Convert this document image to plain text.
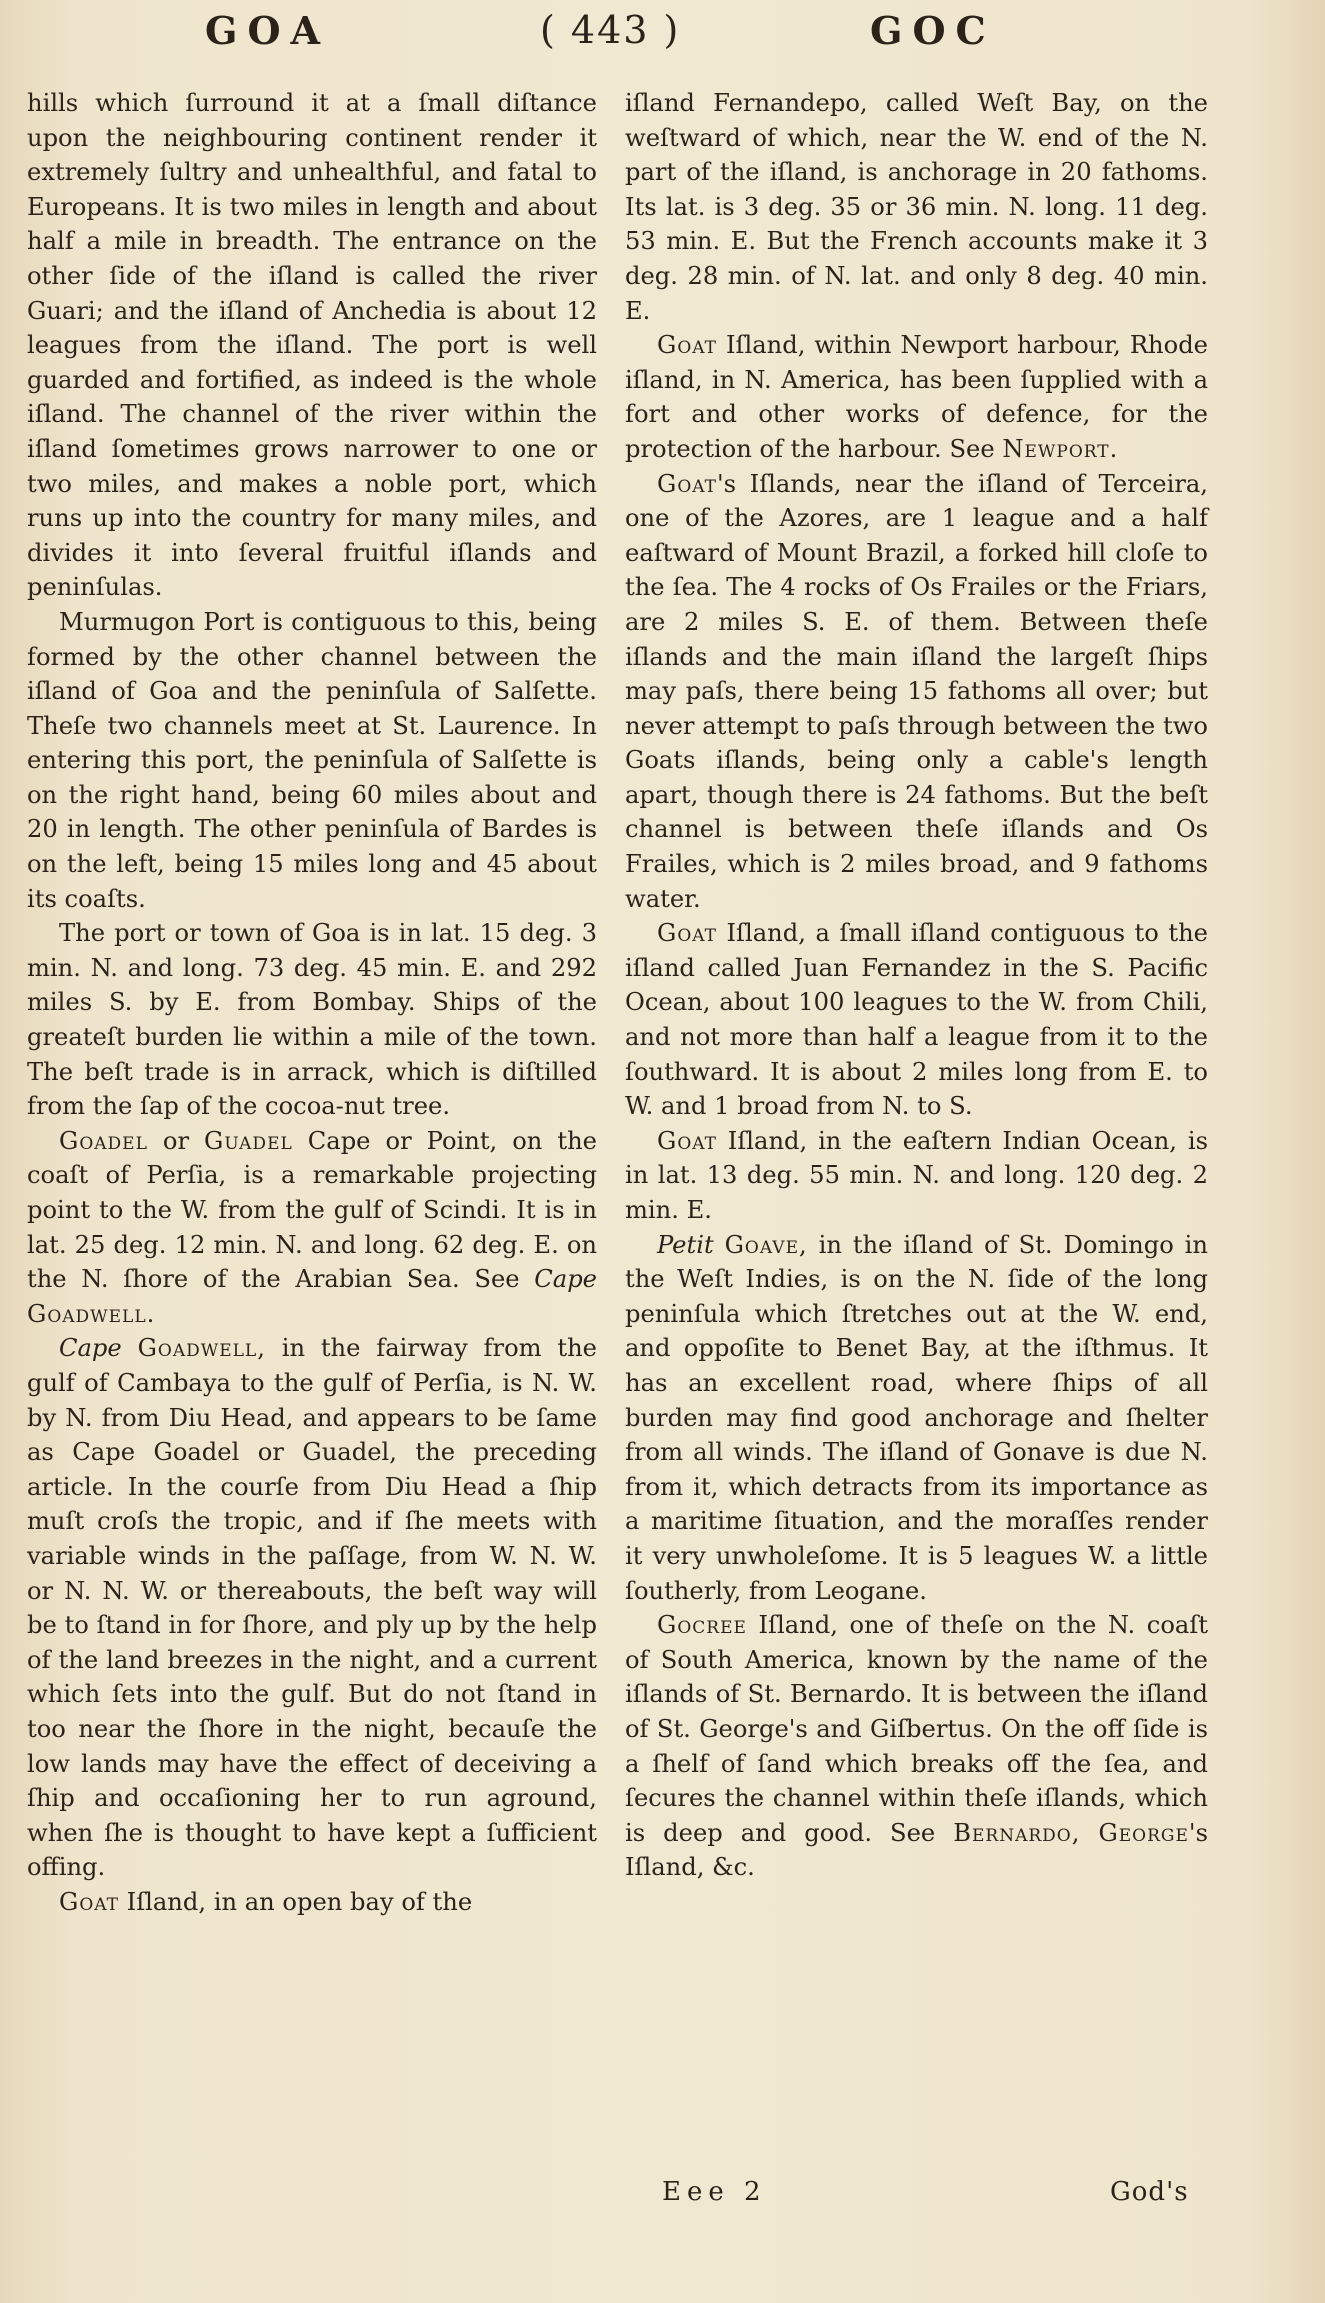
GOA	( 443 )	GOC

hills which ſurround it at a ſmall diſtance upon the neighbouring continent render it extremely ſultry and unhealthful, and fatal to Europeans. It is two miles in length and about half a mile in breadth. The entrance on the other ſide of the iſland is called the river Guari; and the iſland of Anchedia is about 12 leagues from the iſland. The port is well guarded and fortified, as indeed is the whole iſland. The channel of the river within the iſland ſometimes grows narrower to one or two miles, and makes a noble port, which runs up into the country for many miles, and divides it into ſeveral fruitful iſlands and peninſulas.

Murmugon Port is contiguous to this, being formed by the other channel between the iſland of Goa and the peninſula of Salſette. Theſe two channels meet at St. Laurence. In entering this port, the peninſula of Salſette is on the right hand, being 60 miles about and 20 in length. The other peninſula of Bardes is on the left, being 15 miles long and 45 about its coaſts.

The port or town of Goa is in lat. 15 deg. 3 min. N. and long. 73 deg. 45 min. E. and 292 miles S. by E. from Bombay. Ships of the greateſt burden lie within a mile of the town. The beſt trade is in arrack, which is diſtilled from the ſap of the cocoa-nut tree.

Goadel or Guadel Cape or Point, on the coaſt of Perſia, is a remarkable projecting point to the W. from the gulf of Scindi. It is in lat. 25 deg. 12 min. N. and long. 62 deg. E. on the N. ſhore of the Arabian Sea. See Cape Goadwell.

Cape Goadwell, in the fairway from the gulf of Cambaya to the gulf of Perſia, is N. W. by N. from Diu Head, and appears to be ſame as Cape Goadel or Guadel, the preceding article. In the courſe from Diu Head a ſhip muſt croſs the tropic, and if ſhe meets with variable winds in the paſſage, from W. N. W. or N. N. W. or thereabouts, the beſt way will be to ſtand in for ſhore, and ply up by the help of the land breezes in the night, and a current which ſets into the gulf. But do not ſtand in too near the ſhore in the night, becauſe the low lands may have the effect of deceiving a ſhip and occaſioning her to run aground, when ſhe is thought to have kept a ſufficient offing.

Goat Iſland, in an open bay of the

iſland Fernandepo, called Weſt Bay, on the weſtward of which, near the W. end of the N. part of the iſland, is anchorage in 20 fathoms. Its lat. is 3 deg. 35 or 36 min. N. long. 11 deg. 53 min. E. But the French accounts make it 3 deg. 28 min. of N. lat. and only 8 deg. 40 min. E.

Goat Iſland, within Newport harbour, Rhode iſland, in N. America, has been ſupplied with a fort and other works of defence, for the protection of the harbour. See Newport.

Goat's Iſlands, near the iſland of Terceira, one of the Azores, are 1 league and a half eaſtward of Mount Brazil, a forked hill cloſe to the ſea. The 4 rocks of Os Frailes or the Friars, are 2 miles S. E. of them. Between theſe iſlands and the main iſland the largeſt ſhips may paſs, there being 15 fathoms all over; but never attempt to paſs through between the two Goats iſlands, being only a cable's length apart, though there is 24 fathoms. But the beſt channel is between theſe iſlands and Os Frailes, which is 2 miles broad, and 9 fathoms water.

Goat Iſland, a ſmall iſland contiguous to the iſland called Juan Fernandez in the S. Pacific Ocean, about 100 leagues to the W. from Chili, and not more than half a league from it to the ſouthward. It is about 2 miles long from E. to W. and 1 broad from N. to S.

Goat Iſland, in the eaſtern Indian Ocean, is in lat. 13 deg. 55 min. N. and long. 120 deg. 2 min. E.

Petit Goave, in the iſland of St. Domingo in the Weſt Indies, is on the N. ſide of the long peninſula which ſtretches out at the W. end, and oppoſite to Benet Bay, at the iſthmus. It has an excellent road, where ſhips of all burden may find good anchorage and ſhelter from all winds. The iſland of Gonave is due N. from it, which detracts from its importance as a maritime ſituation, and the moraſſes render it very unwholeſome. It is 5 leagues W. a little ſoutherly, from Leogane.

Gocree Iſland, one of theſe on the N. coaſt of South America, known by the name of the iſlands of St. Bernardo. It is between the iſland of St. George's and Giſbertus. On the off ſide is a ſhelf of ſand which breaks off the ſea, and ſecures the channel within theſe iſlands, which is deep and good. See Bernardo, George's Iſland, &c.

Eee 2	God's
